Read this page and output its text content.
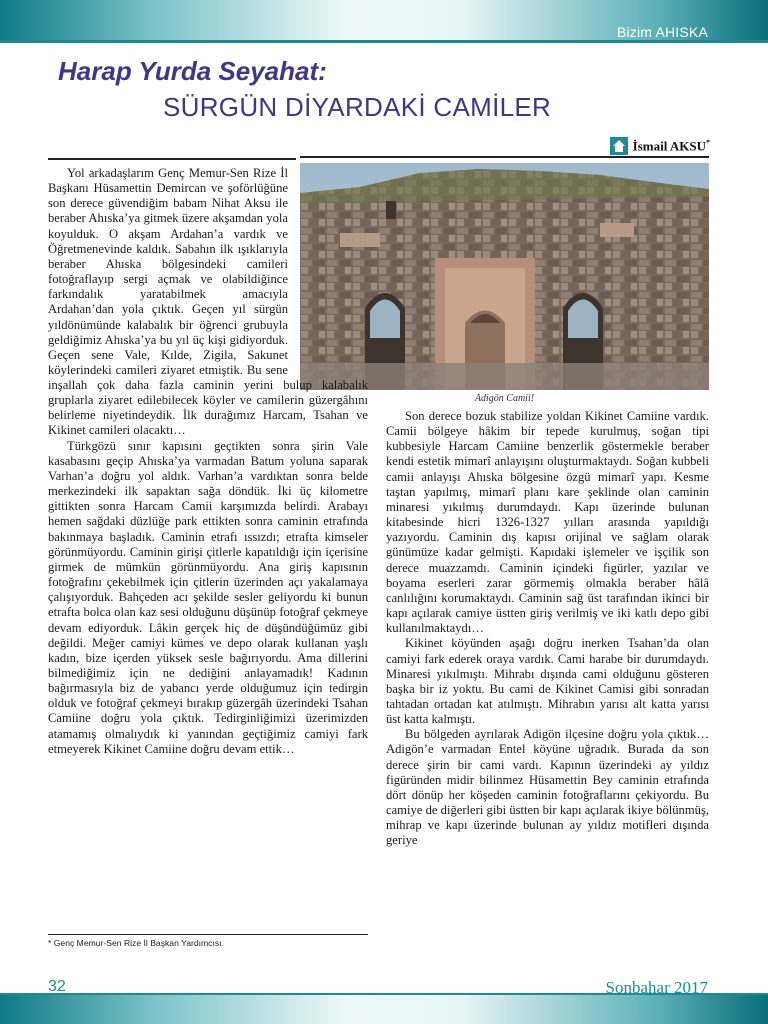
Bizim AHISKA
Harap Yurda Seyahat:
SÜRGÜN DİYARDAKİ CAMİLER
İsmail AKSU*
Adigön Camii!

Yol arkadaşlarım Genç Memur-Sen Rize İl Başkanı Hüsamettin Demircan ve şoförlüğüne son derece güvendiğim babam Nihat Aksu ile beraber Ahıska’ya gitmek üzere akşamdan yola koyulduk. O akşam Ardahan’a vardık ve Öğretmenevinde kaldık. Sabahın ilk ışıklarıyla beraber Ahıska bölgesindeki camileri fotoğraflayıp sergi açmak ve olabildiğince farkındalık yaratabilmek amacıyla Ardahan’dan yola çıktık. Geçen yıl sürgün yıldönümünde kalabalık bir öğrenci grubuyla geldiğimiz Ahıska’ya bu yıl üç kişi gidiyorduk. Geçen sene Vale, Kılde, Zigila, Sakunet köylerindeki camileri ziyaret etmiştik. Bu sene

Son derece bozuk stabilize yoldan Kikinet Camiine vardık. Camii bölgeye hâkim bir tepede kurulmuş, soğan tipi kubbesiyle Harcam Camiine benzerlik göstermekle beraber kendi estetik mimarî anlayışını oluşturmaktaydı. Soğan kubbeli camii anlayışı Ahıska bölgesine özgü mimarî yapı. Kesme taştan yapılmış, mimarî planı kare şeklinde olan caminin minaresi yıkılmış durumdaydı. Kapı üzerinde bulunan kitabesinde hicri 1326-1327 yılları arasında yapıldığı yazıyordu. Caminin dış kapısı orijinal ve sağlam olarak günümüze kadar gelmişti. Kapıdaki işlemeler ve işçilik son derece muazzamdı. Caminin içindeki figürler, yazılar ve boyama eserleri zarar görmemiş olmakla beraber hâlâ canlılığını korumaktaydı. Caminin sağ üst tarafından ikinci bir kapı açılarak camiye üstten giriş verilmiş ve iki katlı depo gibi kullanılmaktaydı…

Kikinet köyünden aşağı doğru inerken Tsahan’da olan camiyi fark ederek oraya vardık. Cami harabe bir durumdaydı. Minaresi yıkılmıştı. Mihrabı dışında cami olduğunu gösteren başka bir iz yoktu. Bu cami de Kikinet Camisi gibi sonradan tahtadan ortadan kat atılmıştı. Mihrabın yarısı alt katta yarısı üst katta kalmıştı.

Bu bölgeden ayrılarak Adigön ilçesine doğru yola çıktık… Adigön’e varmadan Entel köyüne uğradık. Burada da son derece şirin bir cami vardı. Kapının üzerindeki ay yıldız figüründen midir bilinmez Hüsamettin Bey caminin etrafında dört dönüp her köşeden caminin fotoğraflarını çekiyordu. Bu camiye de diğerleri gibi üstten bir kapı açılarak ikiye bölünmüş, mihrap ve kapı üzerinde bulunan ay yıldız motifleri dışında geriye

inşallah çok daha fazla caminin yerini bulup kalabalık gruplarla ziyaret edilebilecek köyler ve camilerin güzergâhını belirleme niyetindeydik. İlk durağımız Harcam, Tsahan ve Kikinet camileri olacaktı…

Türkgözü sınır kapısını geçtikten sonra şirin Vale kasabasını geçip Ahıska’ya varmadan Batum yoluna saparak Varhan’a doğru yol aldık. Varhan’a vardıktan sonra belde merkezindeki ilk sapaktan sağa döndük. İki üç kilometre gittikten sonra Harcam Camii karşımızda belirdi. Arabayı hemen sağdaki düzlüğe park ettikten sonra caminin etrafında bakınmaya başladık. Caminin etrafı ıssızdı; etrafta kimseler görünmüyordu. Caminin girişi çitlerle kapatıldığı için içerisine girmek de mümkün görünmüyordu. Ana giriş kapısının fotoğrafını çekebilmek için çitlerin üzerinden açı yakalamaya çalışıyorduk. Bahçeden acı şekilde sesler geliyordu ki bunun etrafta bolca olan kaz sesi olduğunu düşünüp fotoğraf çekmeye devam ediyorduk. Lâkin gerçek hiç de düşündüğümüz gibi değildi. Meğer camiyi kümes ve depo olarak kullanan yaşlı kadın, bize içerden yüksek sesle bağırıyordu. Ama dillerini bilmediğimiz için ne dediğini anlayamadık! Kadının bağırmasıyla biz de yabancı yerde olduğumuz için tedirgin olduk ve fotoğraf çekmeyi bırakıp güzergâh üzerindeki Tsahan Camiine doğru yola çıktık. Tedirginliğimizi üzerimizden atamamış olmalıydık ki yanından geçtiğimiz camiyi fark etmeyerek Kikinet Camiine doğru devam ettik…

* Genç Memur-Sen Rize İl Başkan Yardımcısı.
32	Sonbahar 2017
